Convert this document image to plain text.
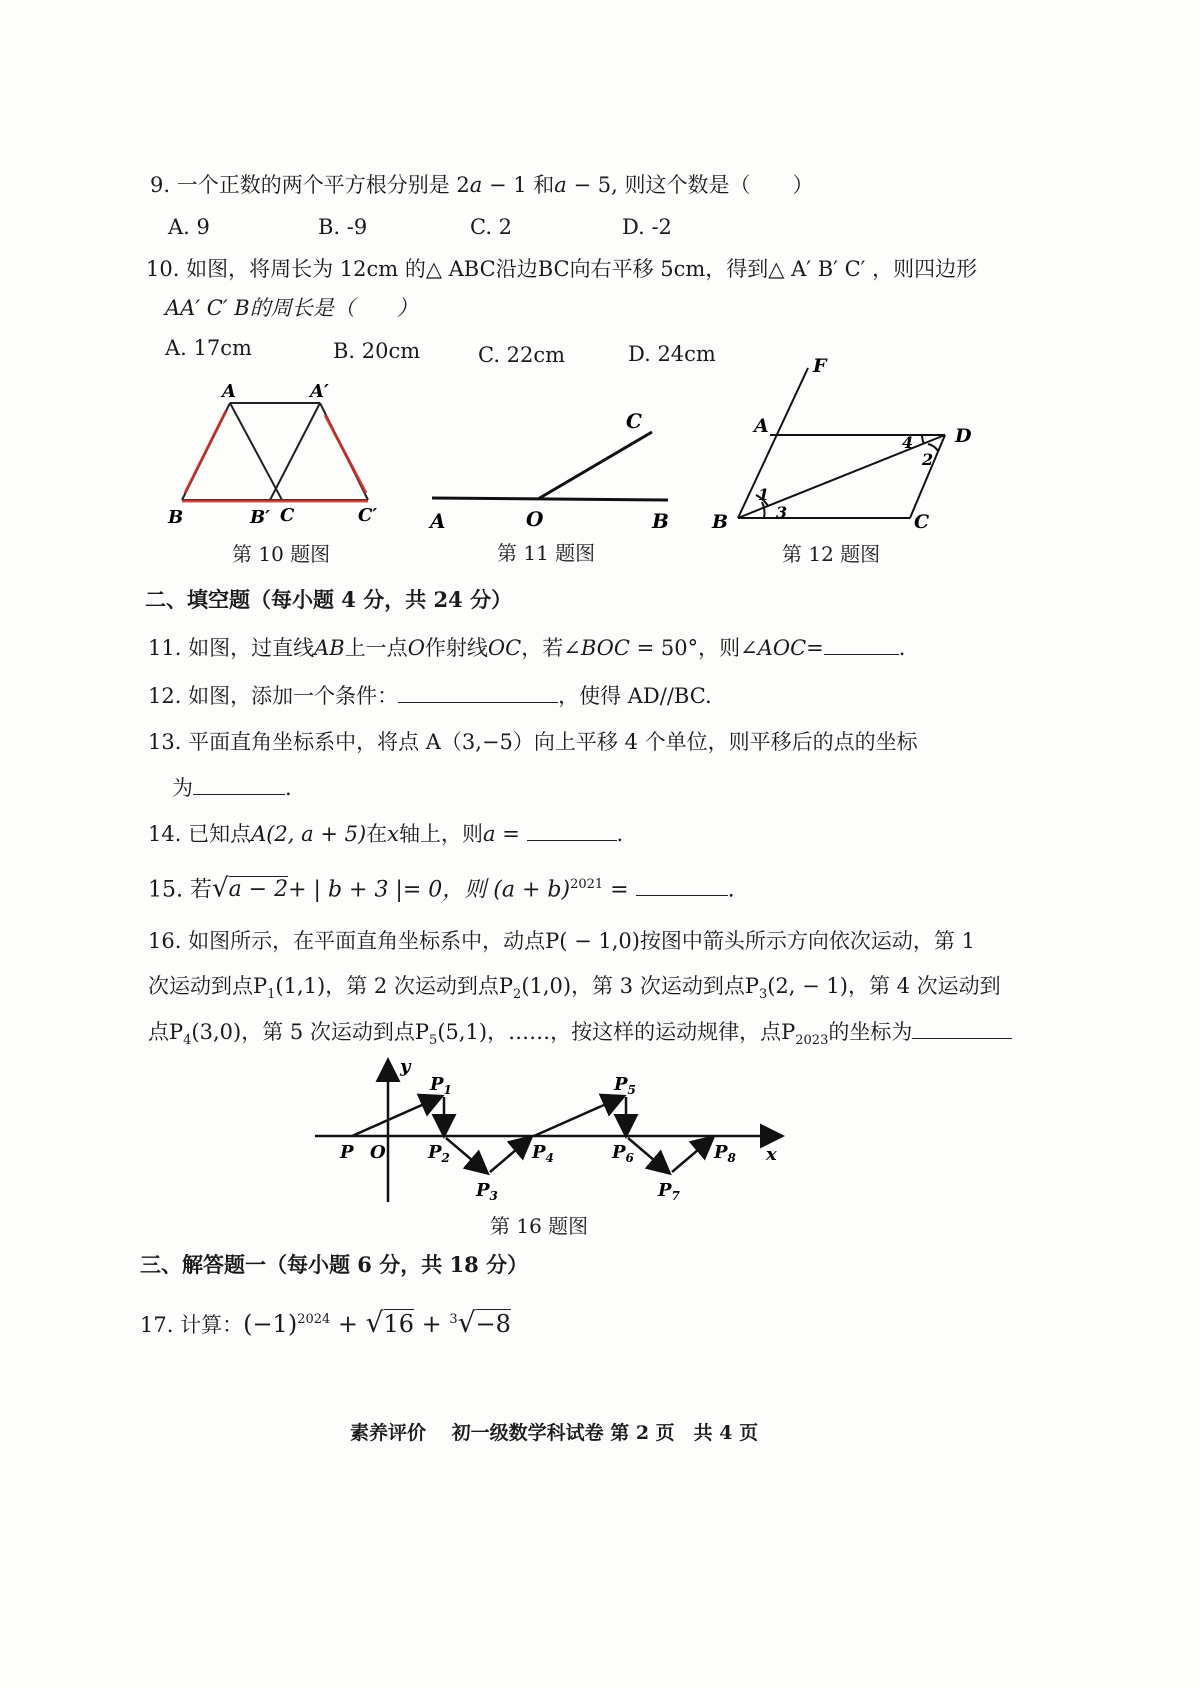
9. 一个正数的两个平方根分别是 2a − 1 和a − 5, 则这个数是（　　）
A. 9	B. -9	C. 2	D. -2
10. 如图，将周长为 12cm 的△ ABC沿边BC向右平移 5cm，得到△ A′ B′ C′ ，则四边形
AA′ C′ B的周长是（　　）
A. 17cm	B. 20cm	C. 22cm	D. 24cm
A	A′
B	B′ C	C′
第 10 题图
A	O	B
C
第 11 题图
F
A	D
B	C
1
2
3
4
第 12 题图
二、填空题（每小题 4 分，共 24 分）
11. 如图，过直线AB上一点O作射线OC，若∠BOC = 50°，则∠AOC=	.
12. 如图，添加一个条件：	，使得 AD//BC.
13. 平面直角坐标系中，将点 A（3,−5）向上平移 4 个单位，则平移后的点的坐标
为	.
14. 已知点A(2, a + 5)在x轴上，则a =	.
15. 若√a − 2+ | b + 3 |= 0，则 $(a + b)^{2021}$ =	.
16. 如图所示，在平面直角坐标系中，动点P( − 1,0)按图中箭头所示方向依次运动，第 1
次运动到点$P_1(1,1)$，第 2 次运动到点$P_2(1,0)$，第 3 次运动到点$P_3(2$, − 1)，第 4 次运动到
点$P_4(3,0)$，第 5 次运动到点$P_5(5,1)$，……，按这样的运动规律，点$P_{2023}$的坐标为
y
x
P O
$P_1$
$P_2$
$P_3$
$P_4$
$P_5$
$P_6$
$P_7$
$P_8$
第 16 题图
三、解答题一（每小题 6 分，共 18 分）
17. 计算：$(-1)^{2024} + √16 + ^3√-8$
素养评价　 初一级数学科试卷 第 2 页　共 4 页
